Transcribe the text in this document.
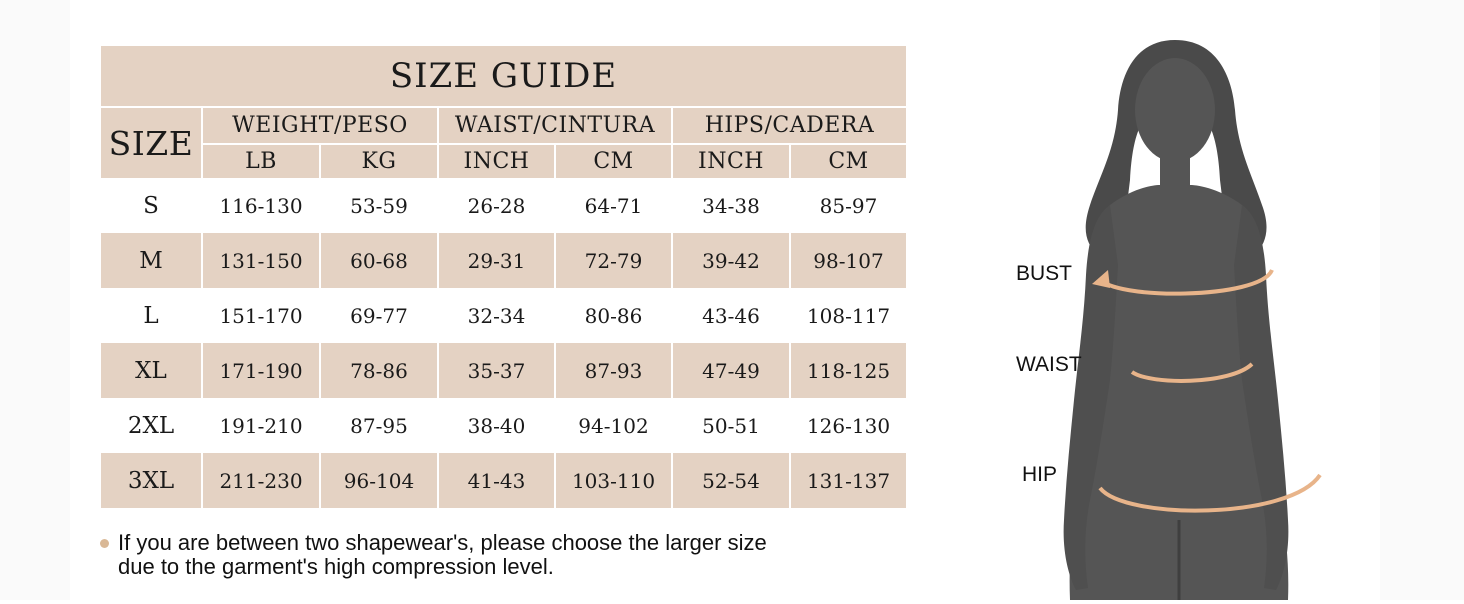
SIZE GUIDE
SIZE	WEIGHT/PESO	WAIST/CINTURA	HIPS/CADERA
LB	KG	INCH	CM	INCH	CM
S	116-130	53-59	26-28	64-71	34-38	85-97
M	131-150	60-68	29-31	72-79	39-42	98-107
L	151-170	69-77	32-34	80-86	43-46	108-117
XL	171-190	78-86	35-37	87-93	47-49	118-125
2XL	191-210	87-95	38-40	94-102	50-51	126-130
3XL	211-230	96-104	41-43	103-110	52-54	131-137
If you are between two shapewear's, please choose the larger size
due to the garment's high compression level.
BUST
WAIST
HIP
